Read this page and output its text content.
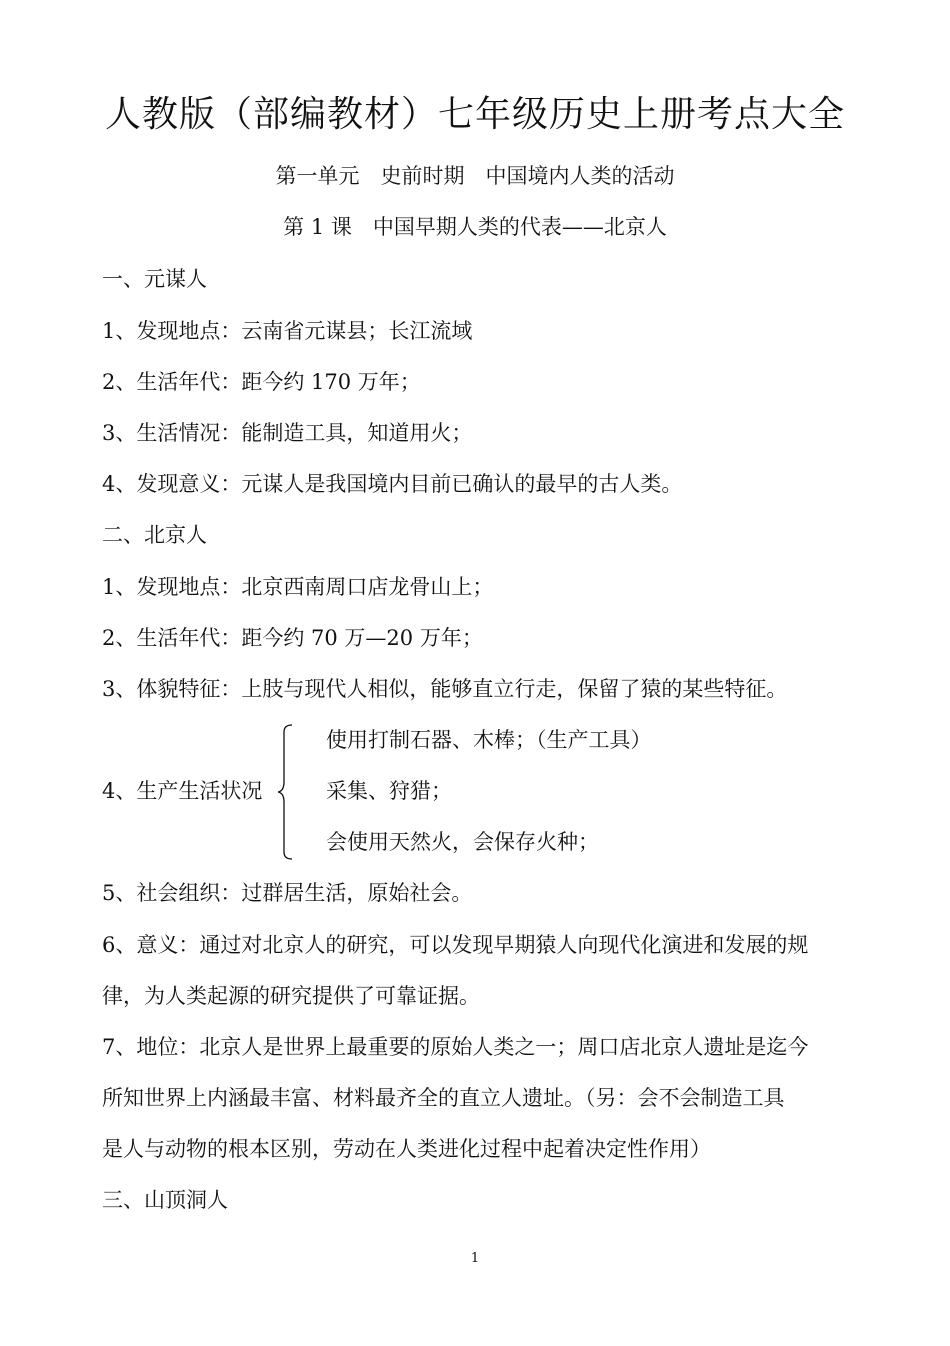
人教版（部编教材）七年级历史上册考点大全
第一单元　史前时期　中国境内人类的活动
第 1 课　中国早期人类的代表——北京人
一、元谋人
1、发现地点：云南省元谋县；长江流域
2、生活年代：距今约 170 万年；
3、生活情况：能制造工具，知道用火；
4、发现意义：元谋人是我国境内目前已确认的最早的古人类。
二、北京人
1、发现地点：北京西南周口店龙骨山上；
2、生活年代：距今约 70 万—20 万年；
3、体貌特征：上肢与现代人相似，能够直立行走，保留了猿的某些特征。
4、生产生活状况
使用打制石器、木棒；（生产工具）
采集、狩猎；
会使用天然火，会保存火种；
5、社会组织：过群居生活，原始社会。
6、意义：通过对北京人的研究，可以发现早期猿人向现代化演进和发展的规
律，为人类起源的研究提供了可靠证据。
7、地位：北京人是世界上最重要的原始人类之一；周口店北京人遗址是迄今
所知世界上内涵最丰富、材料最齐全的直立人遗址。（另：会不会制造工具
是人与动物的根本区别，劳动在人类进化过程中起着决定性作用）
三、山顶洞人
1
